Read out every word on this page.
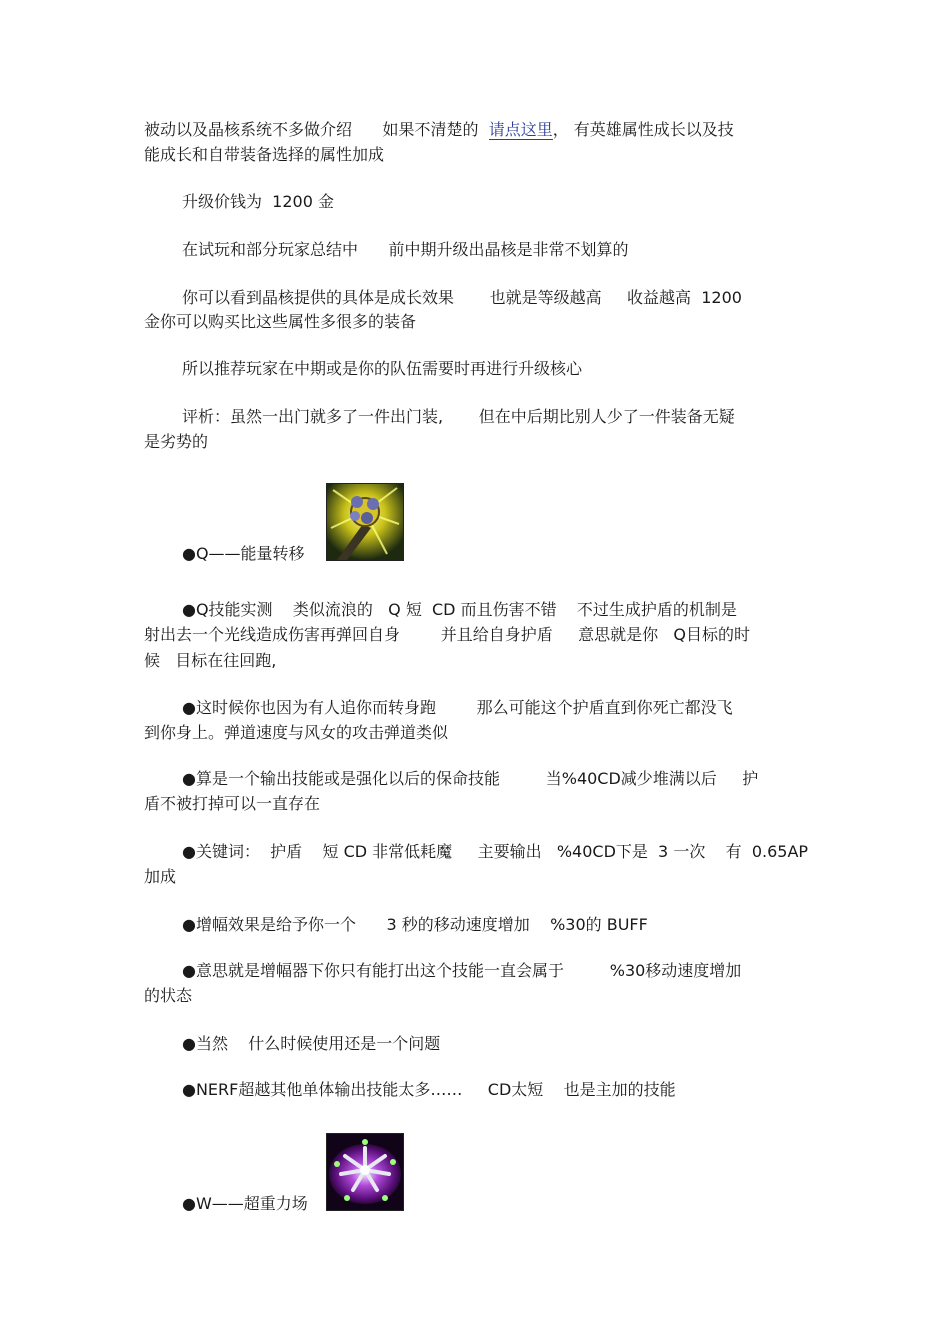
被动以及晶核系统不多做介绍      如果不清楚的  请点这里， 有英雄属性成长以及技

能成长和自带装备选择的属性加成

升级价钱为  1200 金

在试玩和部分玩家总结中      前中期升级出晶核是非常不划算的

你可以看到晶核提供的具体是成长效果       也就是等级越高     收益越高  1200

金你可以购买比这些属性多很多的装备

所以推荐玩家在中期或是你的队伍需要时再进行升级核心

评析：虽然一出门就多了一件出门装,       但在中后期比别人少了一件装备无疑

是劣势的

●Q——能量转移

●Q技能实测    类似流浪的   Q 短  CD 而且伤害不错    不过生成护盾的机制是

射出去一个光线造成伤害再弹回自身        并且给自身护盾     意思就是你   Q目标的时

候   目标在往回跑,

●这时候你也因为有人追你而转身跑        那么可能这个护盾直到你死亡都没飞

到你身上。弹道速度与风女的攻击弹道类似

●算是一个输出技能或是强化以后的保命技能         当%40CD减少堆满以后     护

盾不被打掉可以一直存在

●关键词：  护盾    短 CD 非常低耗魔     主要输出   %40CD下是  3 一次    有  0.65AP

加成

●增幅效果是给予你一个      3 秒的移动速度增加    %30的 BUFF

●意思就是增幅器下你只有能打出这个技能一直会属于         %30移动速度增加

的状态

●当然    什么时候使用还是一个问题

●NERF超越其他单体输出技能太多……     CD太短    也是主加的技能

●W——超重力场
